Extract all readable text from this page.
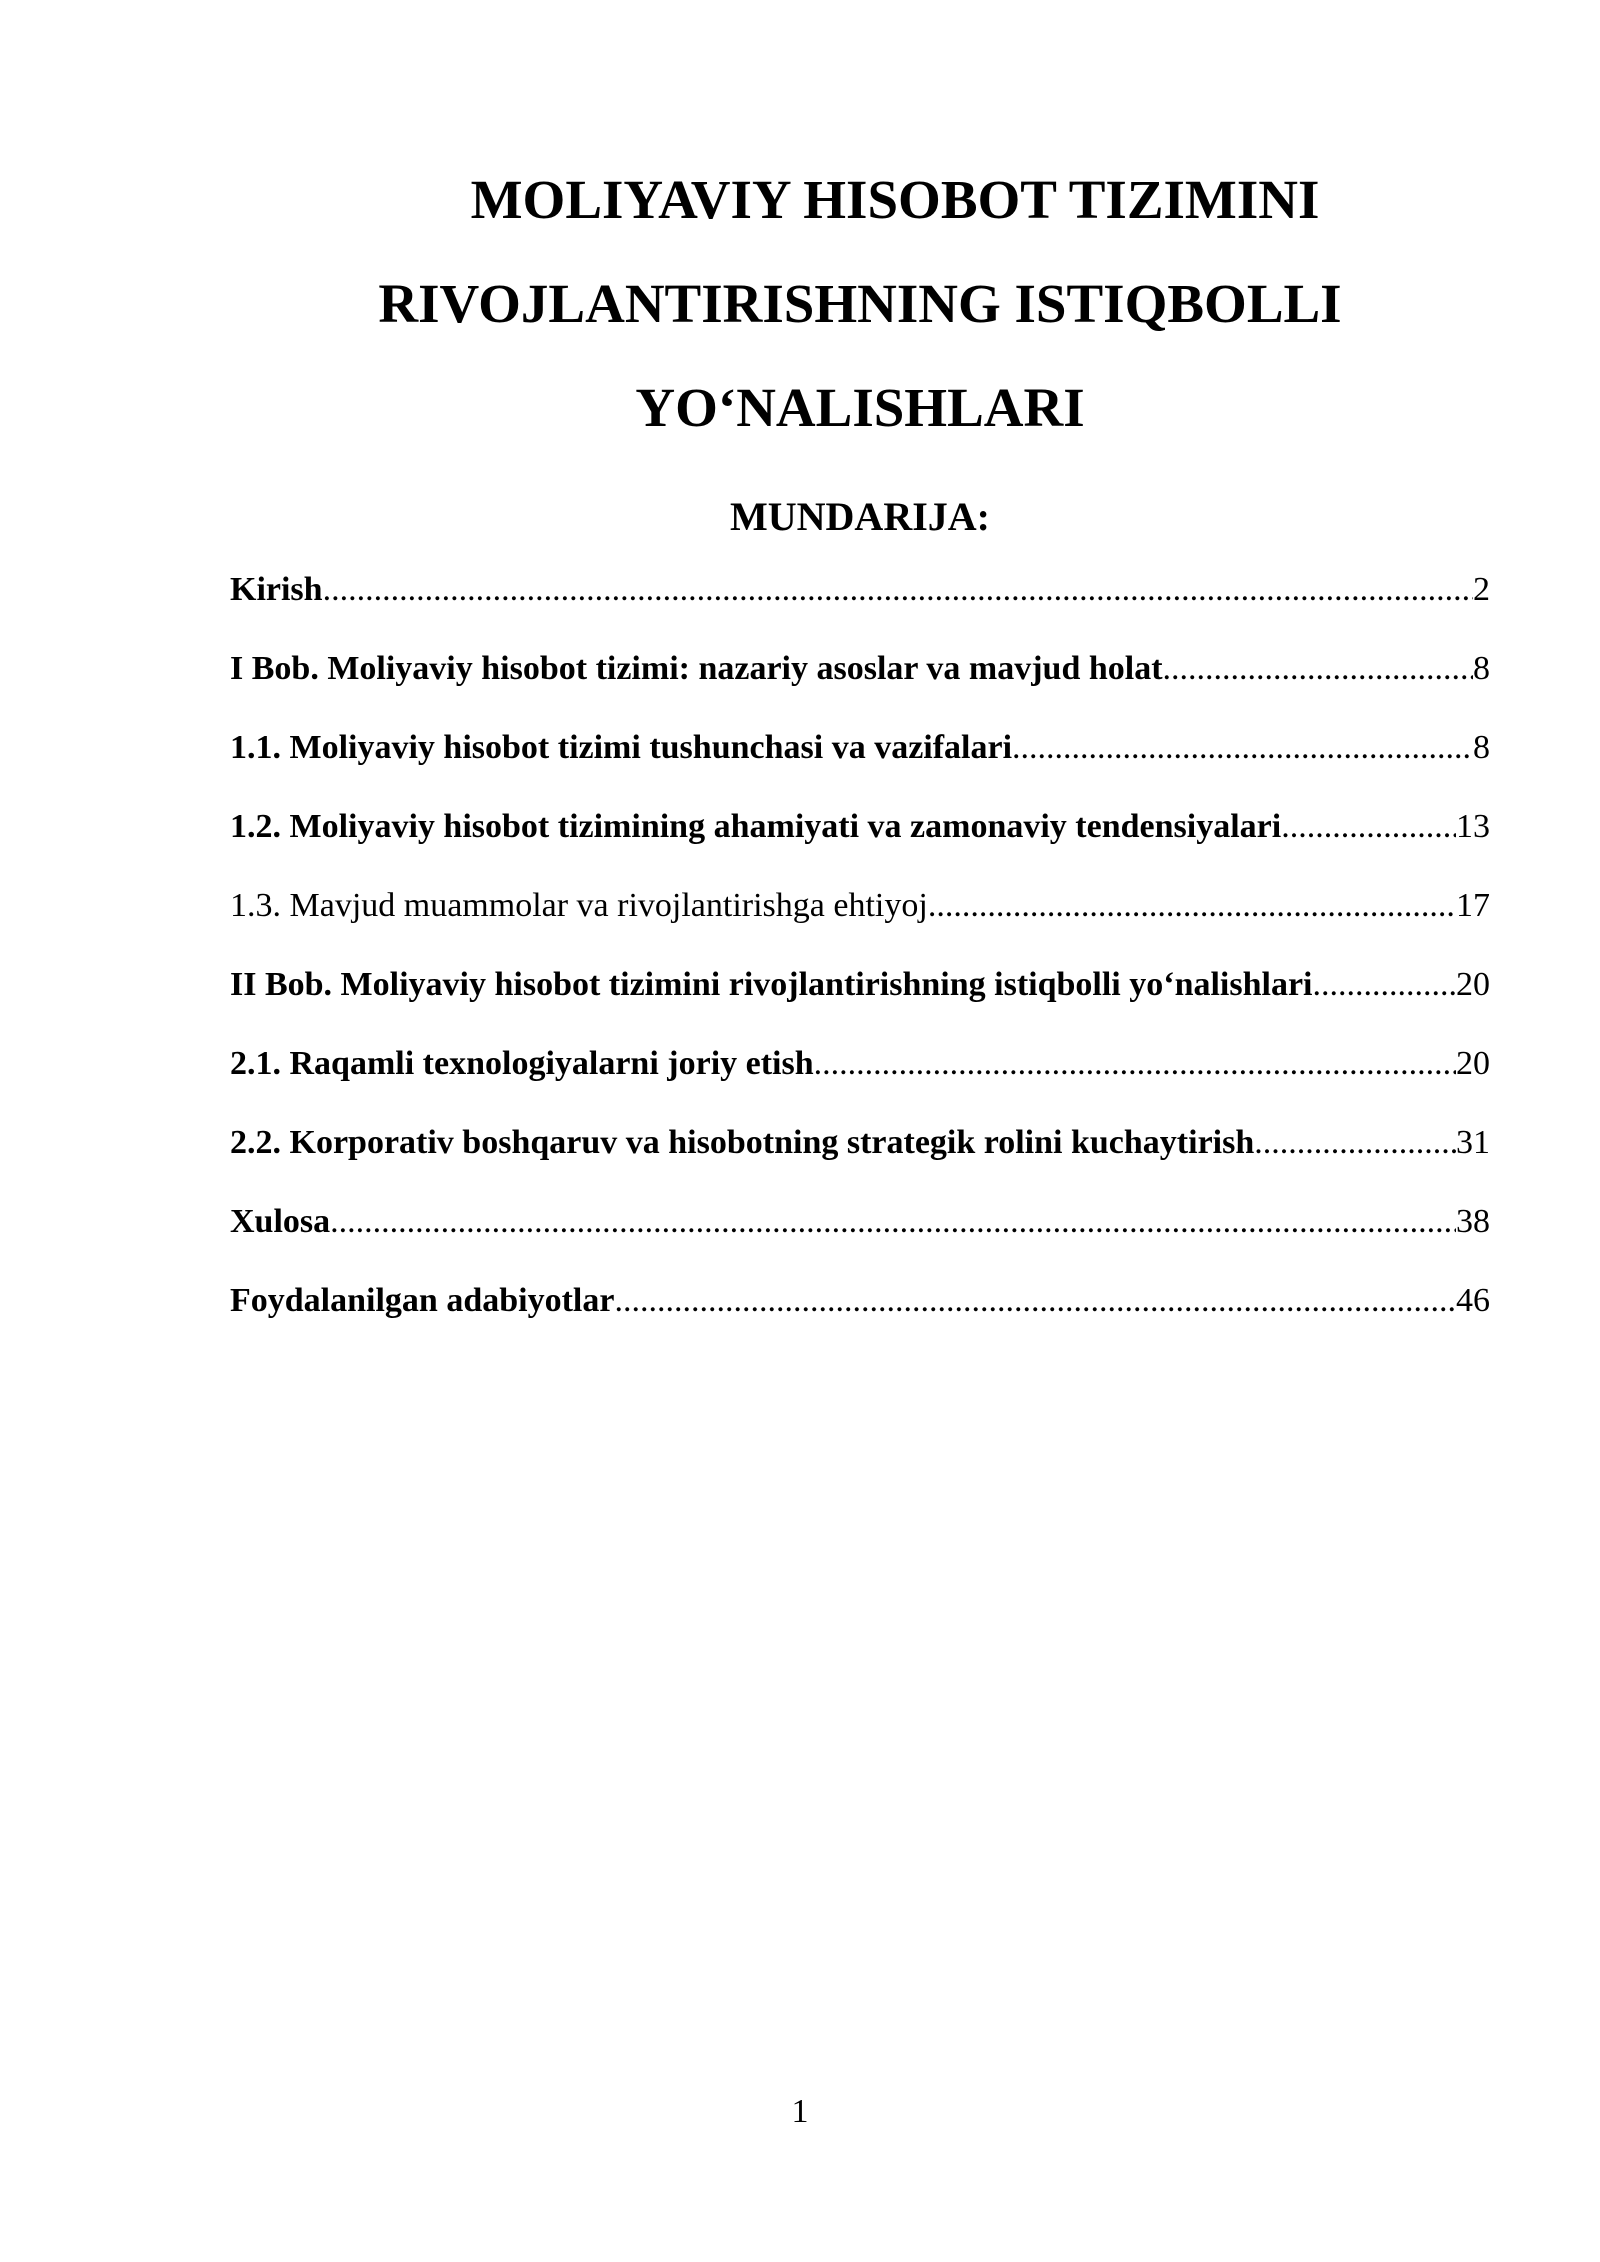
MOLIYAVIY HISOBOT TIZIMINI
RIVOJLANTIRISHNING ISTIQBOLLI
YO‘NALISHLARI
MUNDARIJA:
Kirish .....	2
I Bob. Moliyaviy hisobot tizimi: nazariy asoslar va mavjud holat .....	8
1.1. Moliyaviy hisobot tizimi tushunchasi va vazifalari .....	8
1.2. Moliyaviy hisobot tizimining ahamiyati va zamonaviy tendensiyalari .....	13
1.3. Mavjud muammolar va rivojlantirishga ehtiyoj .....	17
II Bob. Moliyaviy hisobot tizimini rivojlantirishning istiqbolli yo‘nalishlari .....	20
2.1. Raqamli texnologiyalarni joriy etish .....	20
2.2. Korporativ boshqaruv va hisobotning strategik rolini kuchaytirish .....	31
Xulosa .....	38
Foydalanilgan adabiyotlar .....	46
1
